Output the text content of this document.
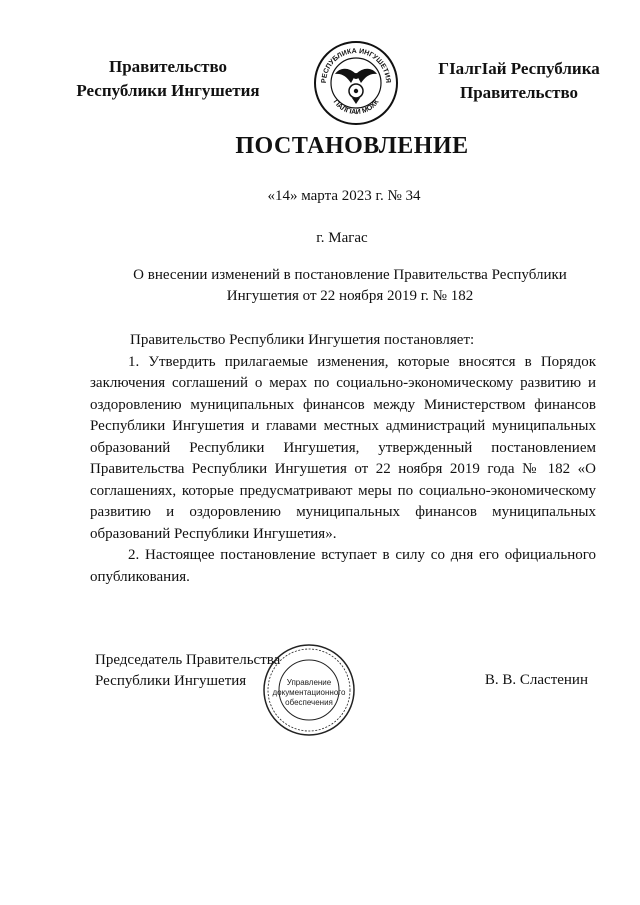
Правительство
Республики Ингушетия
РЕСПУБЛИКА ИНГУШЕТИЯ
ГIАЛГIАЙ МОХК
ГIалгIай Республика
Правительство
ПОСТАНОВЛЕНИЕ
«14» марта 2023 г. № 34
г. Магас
О внесении изменений в постановление Правительства Республики Ингушетия от 22 ноября 2019 г. № 182

Правительство Республики Ингушетия постановляет:

1. Утвердить прилагаемые изменения, которые вносятся в Порядок заключения соглашений о мерах по социально-экономическому развитию и оздоровлению муниципальных финансов между Министерством финансов Республики Ингушетия и главами местных администраций муниципальных образований Республики Ингушетия, утвержденный постановлением Правительства Республики Ингушетия от 22 ноября 2019 года № 182 «О соглашениях, которые предусматривают меры по социально-экономическому развитию и оздоровлению муниципальных финансов муниципальных образований Республики Ингушетия».

2. Настоящее постановление вступает в силу со дня его официального опубликования.

Председатель Правительства
Республики Ингушетия	Управление
документационного
обеспечения
В. В. Сластенин
